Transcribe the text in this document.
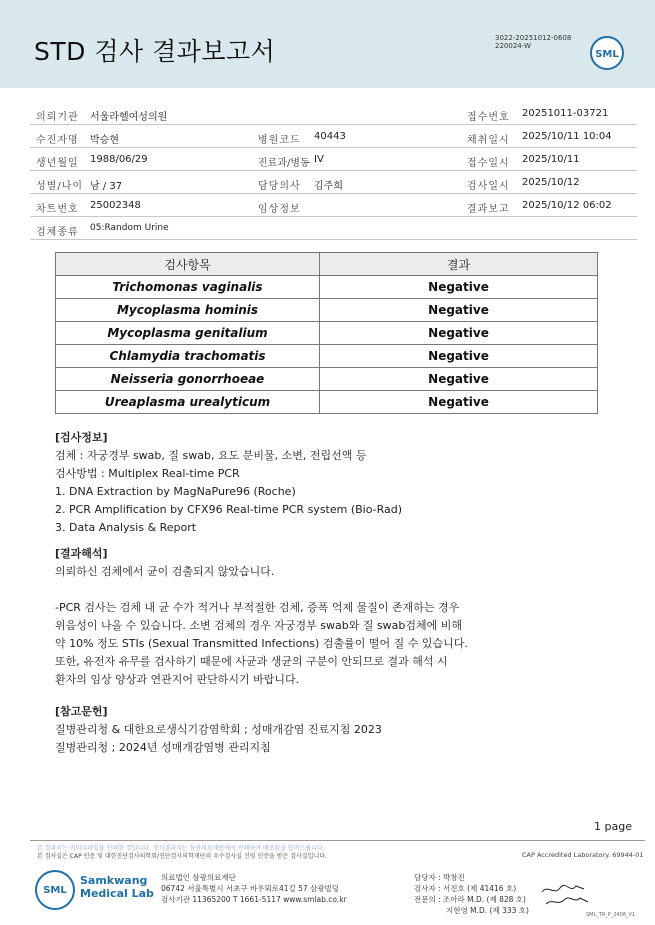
STD 검사 결과보고서	3022-20251012-0608
220024-W
SML
의뢰기관 서울라헬여성의원	접수번호 20251011-03721
수진자명 박승현	병원코드 40443	채취일시 2025/10/11 10:04
생년월일 1988/06/29	진료과/병동 IV	접수일시 2025/10/11
성별/나이 남 / 37	담당의사 김주희	검사일시 2025/10/12
차트번호 25002348	임상정보	결과보고 2025/10/12 06:02
검체종류 05:Random Urine
검사항목	결과
Trichomonas vaginalis	Negative
Mycoplasma hominis	Negative
Mycoplasma genitalium	Negative
Chlamydia trachomatis	Negative
Neisseria gonorrhoeae	Negative
Ureaplasma urealyticum	Negative
[검사정보]
검체 : 자궁경부 swab, 질 swab, 요도 분비물, 소변, 전립선액 등
검사방법 : Multiplex Real-time PCR
1. DNA Extraction by MagNaPure96 (Roche)
2. PCR Amplification by CFX96 Real-time PCR system (Bio-Rad)
3. Data Analysis & Report
[결과해석]
의뢰하신 검체에서 균이 검출되지 않았습니다.
-PCR 검사는 검체 내 균 수가 적거나 부적절한 검체, 증폭 억제 물질이 존재하는 경우
위음성이 나올 수 있습니다. 소변 검체의 경우 자궁경부 swab와 질 swab검체에 비해
약 10% 정도 STIs (Sexual Transmitted Infections) 검출률이 떨어 질 수 있습니다.
또한, 유전자 유무를 검사하기 때문에 사균과 생균의 구분이 안되므로 결과 해석 시
환자의 임상 양상과 연관지어 판단하시기 바랍니다.
[참고문헌]
질병관리청 & 대한요로생식기감염학회 ; 성매개감염 진료지침 2023
질병관리청 ; 2024년 성매개감염병 관리지침
1 page
본 결과지는 이미지파일을 인쇄한 것입니다. 정식결과지는 삼광의료재단에서 인쇄하여 배포됨을 알려드립니다.
본 검사실은 CAP 인증 및 대한진단검사의학회/진단검사의학재단의 우수검사실 신임 인증을 받은 검사실입니다.	CAP Accredited Laboratory. 69944-01
SML
Samkwang
Medical Lab
의료법인 삼광의료재단
06742 서울특별시 서초구 바우뫼로41길 57 삼광빌딩
검사기관 11365200 T 1661-5117 www.smlab.co.kr
담당자 : 박창진
검사자 : 서진호 (제 41416 호)
전문의 : 조아라 M.D. (제 828 호)
지현영 M.D. (제 333 호)	SML_TR_P_2408_V1
